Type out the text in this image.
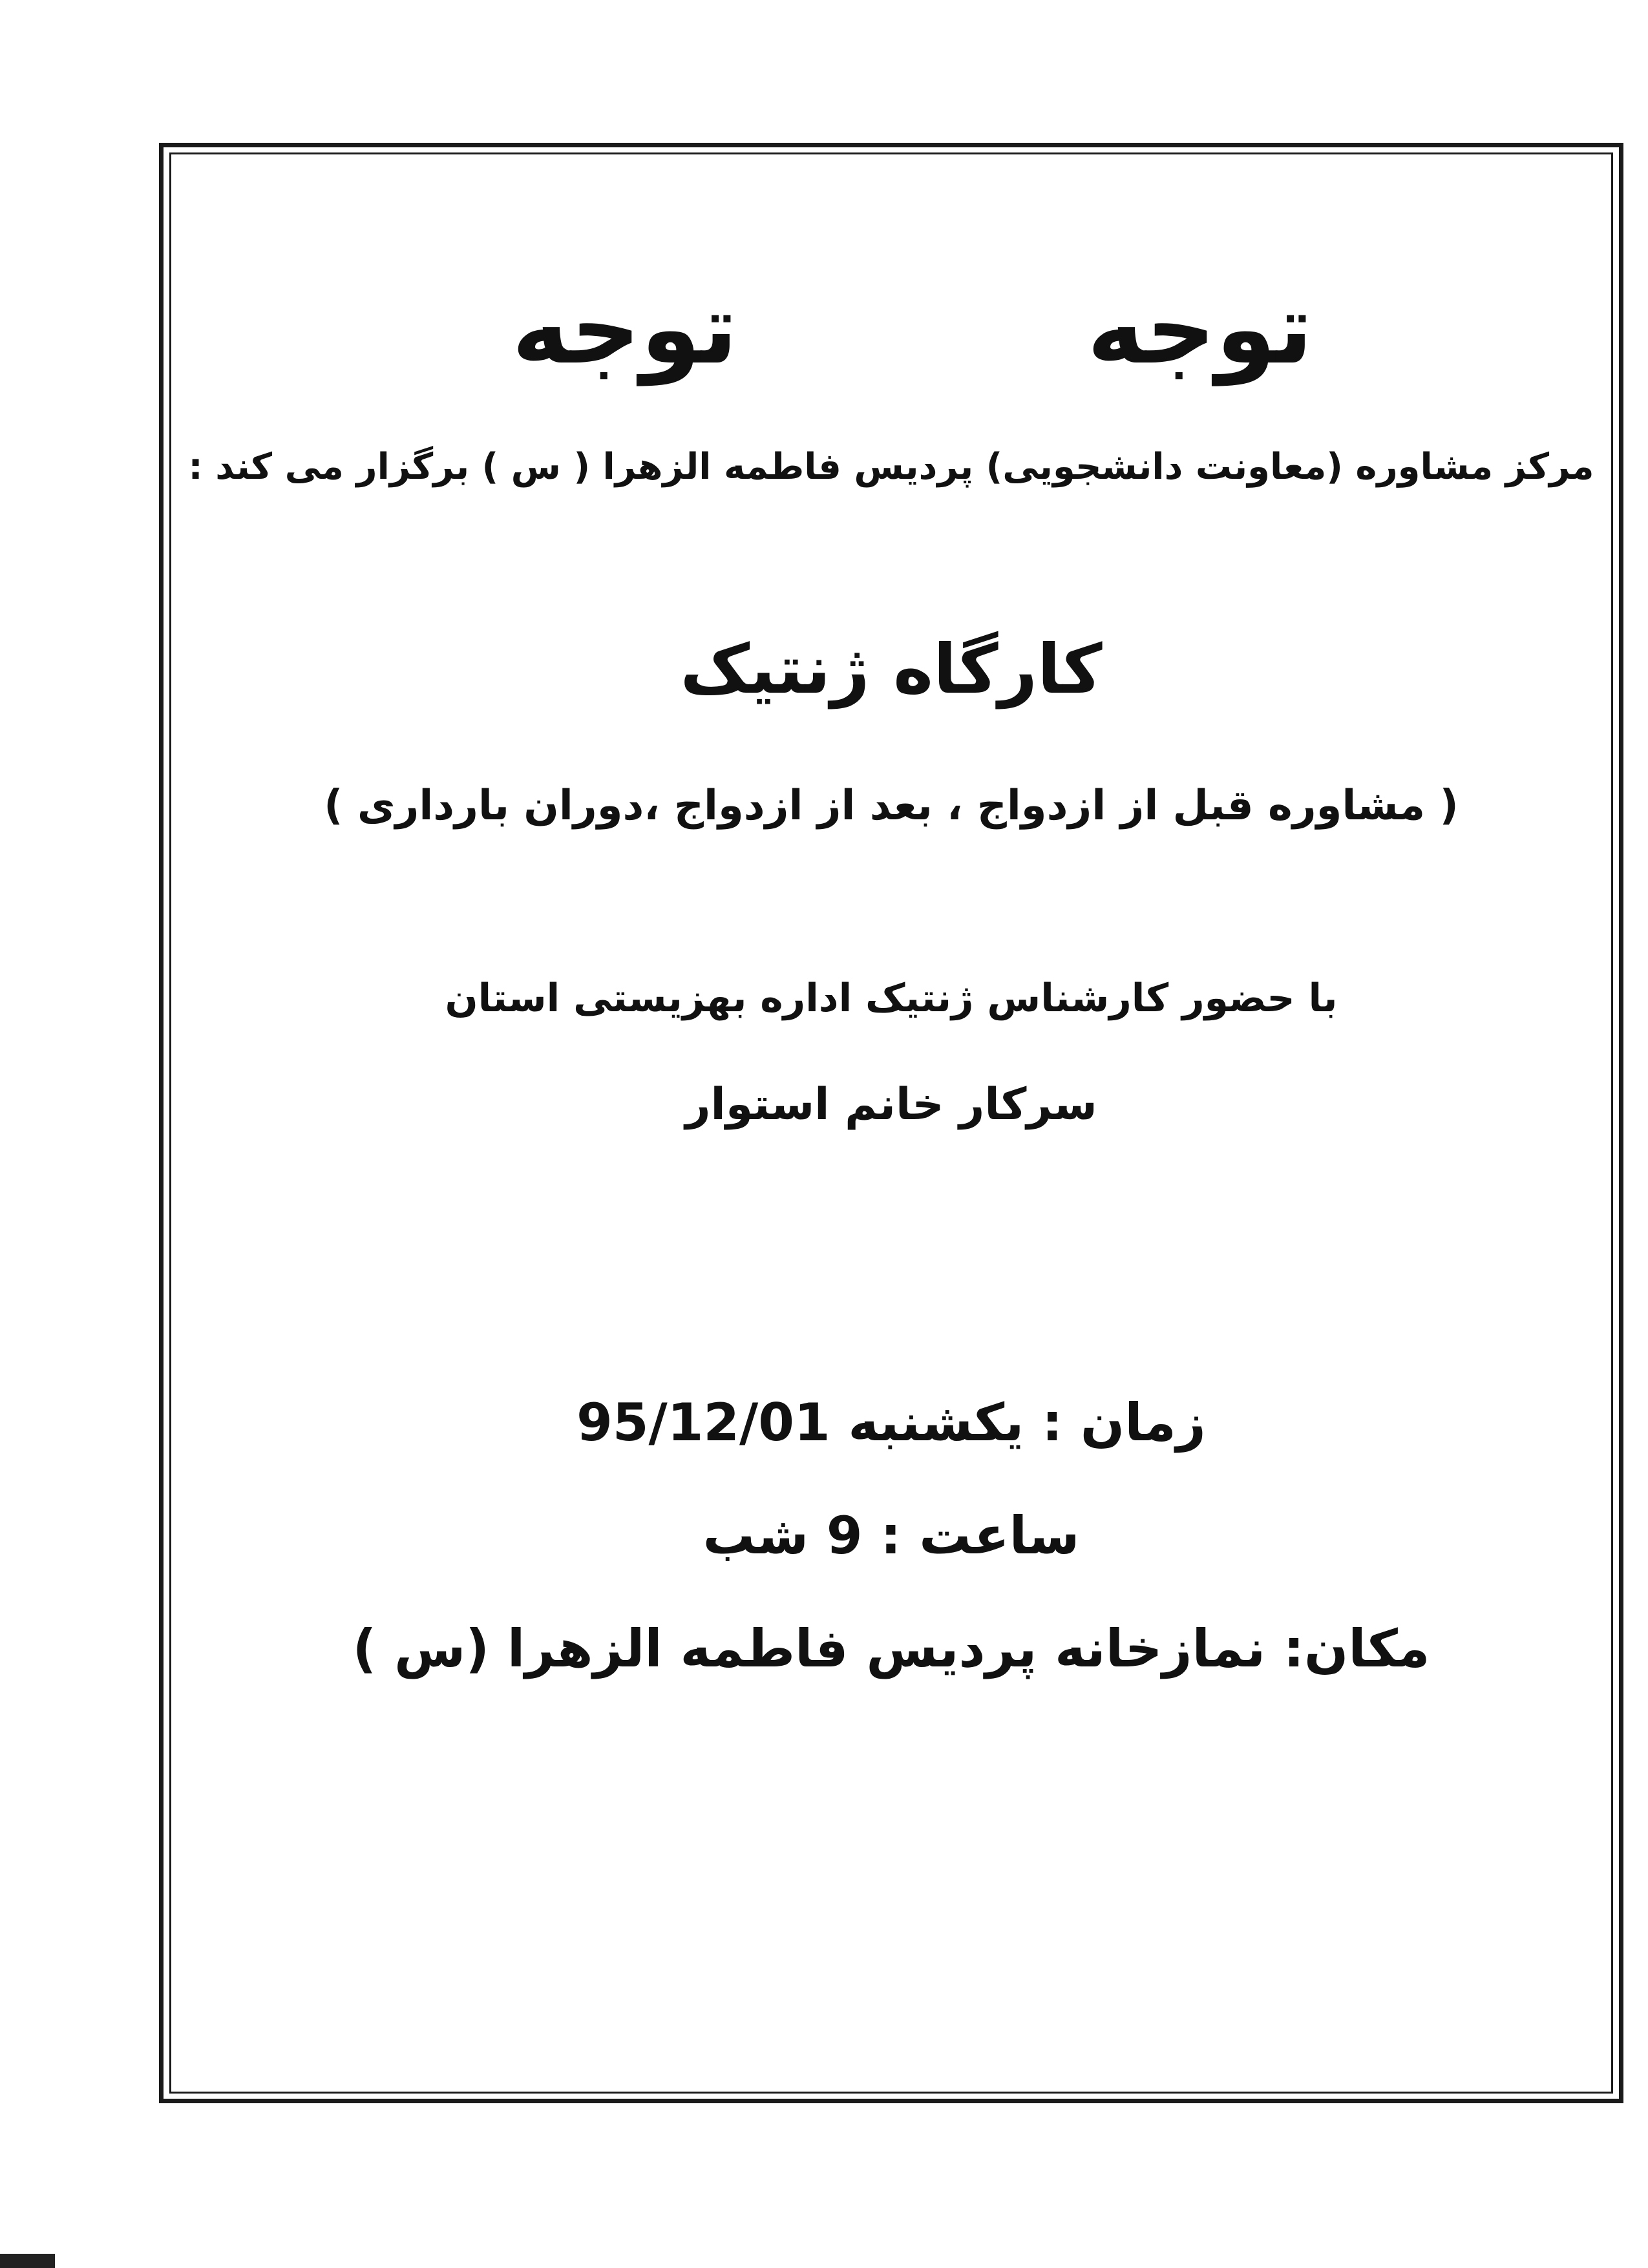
توجه
توجه
مرکز مشاوره (معاونت دانشجویی) پردیس فاطمه الزهرا ( س ) برگزار می کند :
کارگاه ژنتیک
( مشاوره قبل از ازدواج ، بعد از ازدواج ،دوران بارداری )
با حضور کارشناس ژنتیک اداره بهزیستی استان
سرکار خانم استوار
زمان : یکشنبه 95/12/01
ساعت : 9 شب
مکان: نمازخانه پردیس فاطمه الزهرا (س )
